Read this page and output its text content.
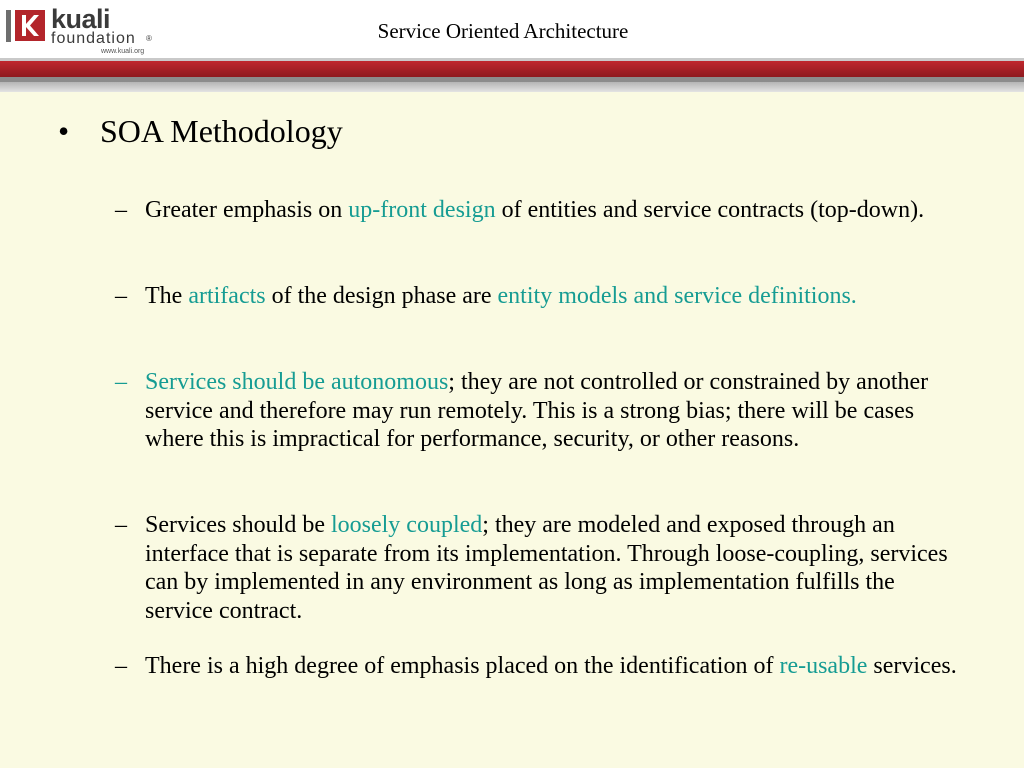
kuali
foundation ®
www.kuali.org
Service Oriented Architecture
• SOA Methodology
– Greater emphasis on up-front design of entities and service contracts (top-down).
– The artifacts of the design phase are entity models and service definitions.
– Services should be autonomous; they are not controlled or constrained by another service and therefore may run remotely. This is a strong bias; there will be cases where this is impractical for performance, security, or other reasons.
– Services should be loosely coupled; they are modeled and exposed through an interface that is separate from its implementation. Through loose-coupling, services can by implemented in any environment as long as implementation fulfills the service contract.
– There is a high degree of emphasis placed on the identification of re-usable services.
